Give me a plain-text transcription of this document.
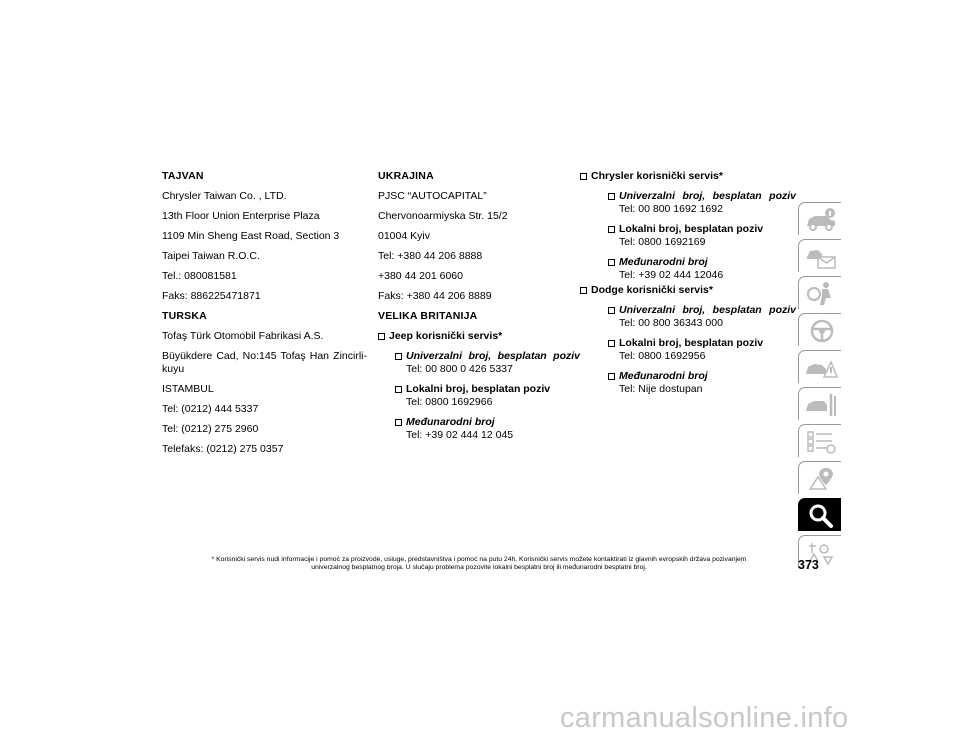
TAJVAN
Chrysler Taiwan Co. , LTD.
13th Floor Union Enterprise Plaza
1109 Min Sheng East Road, Section 3
Taipei Taiwan R.O.C.
Tel.: 080081581
Faks: 886225471871
TURSKA
Tofaş Türk Otomobil Fabrikasi A.S.
Büyükdere Cad, No:145 Tofaş Han Zincirli-kuyu
ISTAMBUL
Tel: (0212) 444 5337
Tel: (0212) 275 2960
Telefaks: (0212) 275 0357
UKRAJINA
PJSC “AUTOCAPITAL”
Chervonoarmiyska Str. 15/2
01004 Kyiv
Tel: +380 44 206 8888
+380 44 201 6060
Faks: +380 44 206 8889
VELIKA BRITANIJA
Jeep korisnički servis*
Univerzalni broj, besplatan poziv
Tel: 00 800 0 426 5337
Lokalni broj, besplatan poziv
Tel: 0800 1692966
Međunarodni broj
Tel: +39 02 444 12 045
Chrysler korisnički servis*
Univerzalni broj, besplatan poziv
Tel: 00 800 1692 1692
Lokalni broj, besplatan poziv
Tel: 0800 1692169
Međunarodni broj
Tel: +39 02 444 12046
Dodge korisnički servis*
Univerzalni broj, besplatan poziv
Tel: 00 800 36343 000
Lokalni broj, besplatan poziv
Tel: 0800 1692956
Međunarodni broj
Tel: Nije dostupan
* Korisnički servis nudi informacije i pomoć za proizvode, usluge, predstavništva i pomoć na putu 24h. Korisnički servis možete kontaktirati iz glavnih evropskih država pozivanjem
univerzalnog besplatnog broja. U slučaju problema pozovite lokalni besplatni broj ili međunarodni besplatni broj.	373
carmanualsonline.info
